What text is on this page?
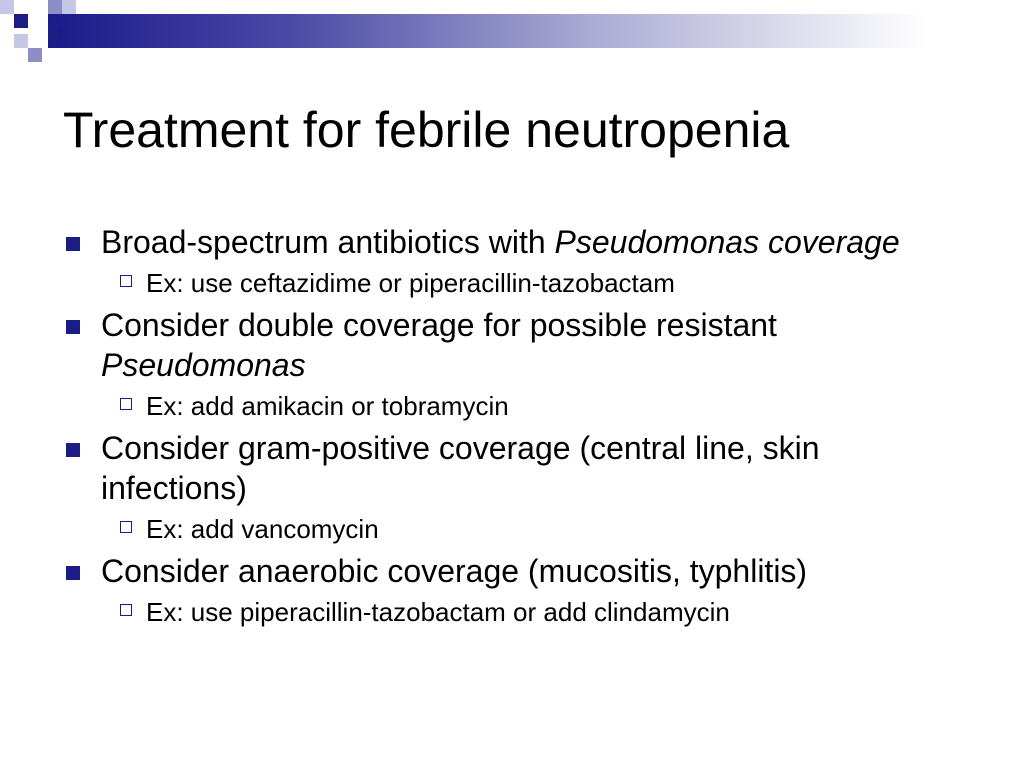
Treatment for febrile neutropenia
Broad-spectrum antibiotics with Pseudomonas coverage
Ex: use ceftazidime or piperacillin-tazobactam
Consider double coverage for possible resistant Pseudomonas
Ex: add amikacin or tobramycin
Consider gram-positive coverage (central line, skin infections)
Ex: add vancomycin
Consider anaerobic coverage (mucositis, typhlitis)
Ex: use piperacillin-tazobactam or add clindamycin
